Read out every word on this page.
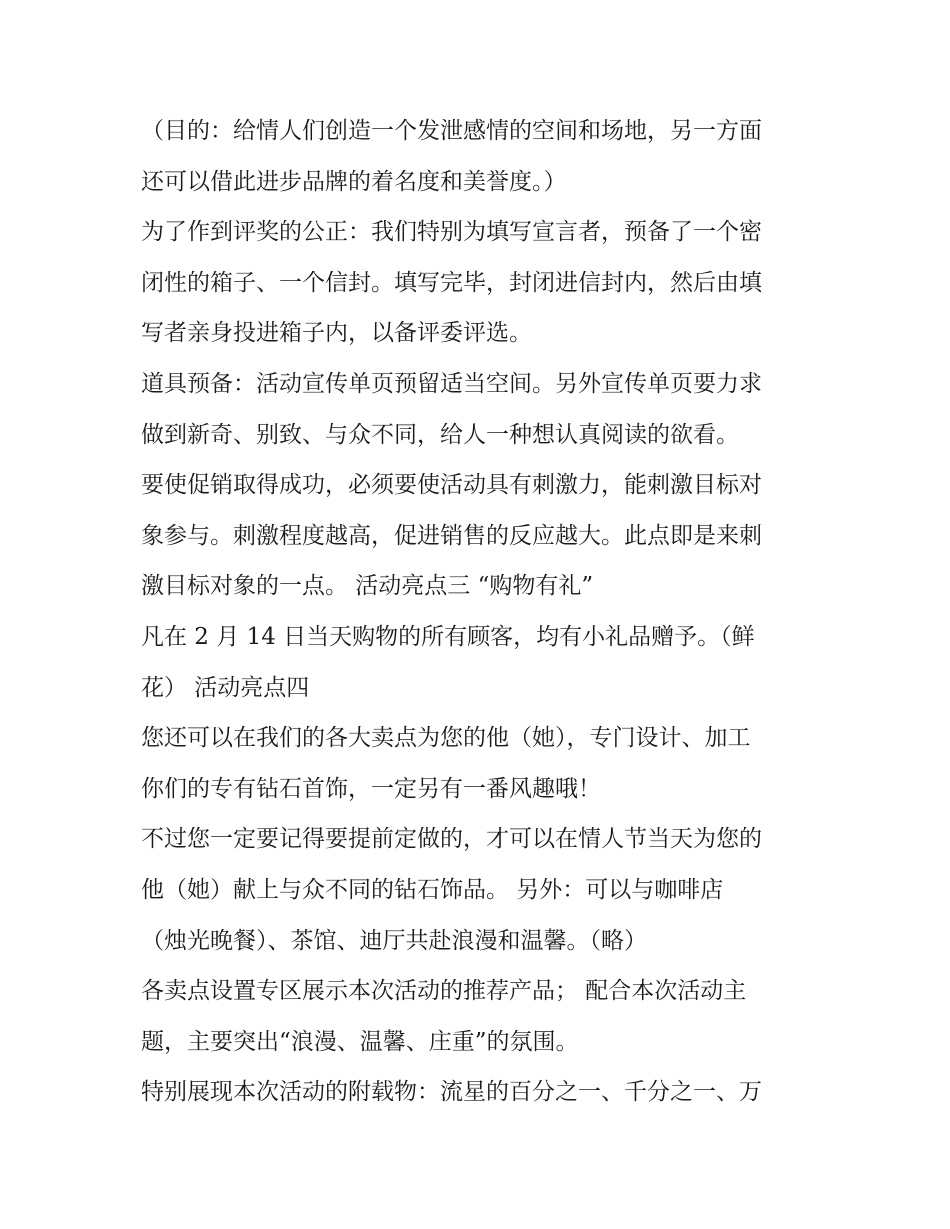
（目的：给情人们创造一个发泄感情的空间和场地，另一方面
还可以借此进步品牌的着名度和美誉度。）
为了作到评奖的公正：我们特别为填写宣言者，预备了一个密
闭性的箱子、一个信封。填写完毕，封闭进信封内，然后由填
写者亲身投进箱子内，以备评委评选。
道具预备：活动宣传单页预留适当空间。另外宣传单页要力求
做到新奇、别致、与众不同，给人一种想认真阅读的欲看。
要使促销取得成功，必须要使活动具有刺激力，能刺激目标对
象参与。刺激程度越高，促进销售的反应越大。此点即是来刺
激目标对象的一点。 活动亮点三 “购物有礼”
凡在 2 月 14 日当天购物的所有顾客，均有小礼品赠予。（鲜
花） 活动亮点四
您还可以在我们的各大卖点为您的他（她），专门设计、加工
你们的专有钻石首饰，一定另有一番风趣哦！
不过您一定要记得要提前定做的，才可以在情人节当天为您的
他（她）献上与众不同的钻石饰品。 另外：可以与咖啡店
（烛光晚餐）、茶馆、迪厅共赴浪漫和温馨。（略）
各卖点设置专区展示本次活动的推荐产品； 配合本次活动主
题，主要突出“浪漫、温馨、庄重”的氛围。
特别展现本次活动的附载物：流星的百分之一、千分之一、万
